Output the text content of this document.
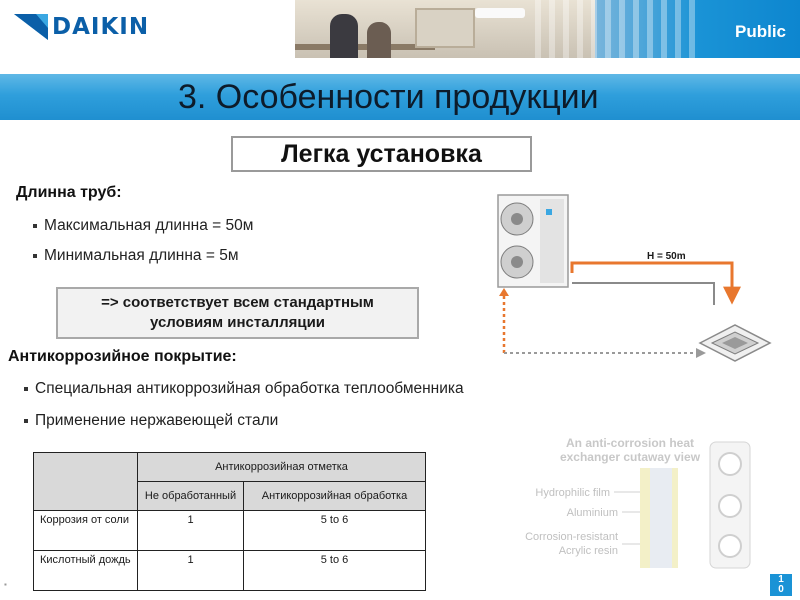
DAIKIN	Public
3. Особенности продукции
Легка установка
Длинна труб:
Максимальная длинна = 50м
Минимальная длинна = 5м
=> соответствует всем стандартным
условиям инсталляции
Антикоррозийное покрытие:
Специальная антикоррозийная обработка теплообменника
Применение нержавеющей стали
	Антикоррозийная отметка	
	Не обработанный	Антикоррозийная обработка
Коррозия от соли	1	5 to 6
Кислотный дождь	1	5 to 6
H = 50m
An anti-corrosion heat
exchanger cutaway view
Hydrophilic film
Aluminium
Corrosion-resistant
Acrylic resin
▪	1
0
